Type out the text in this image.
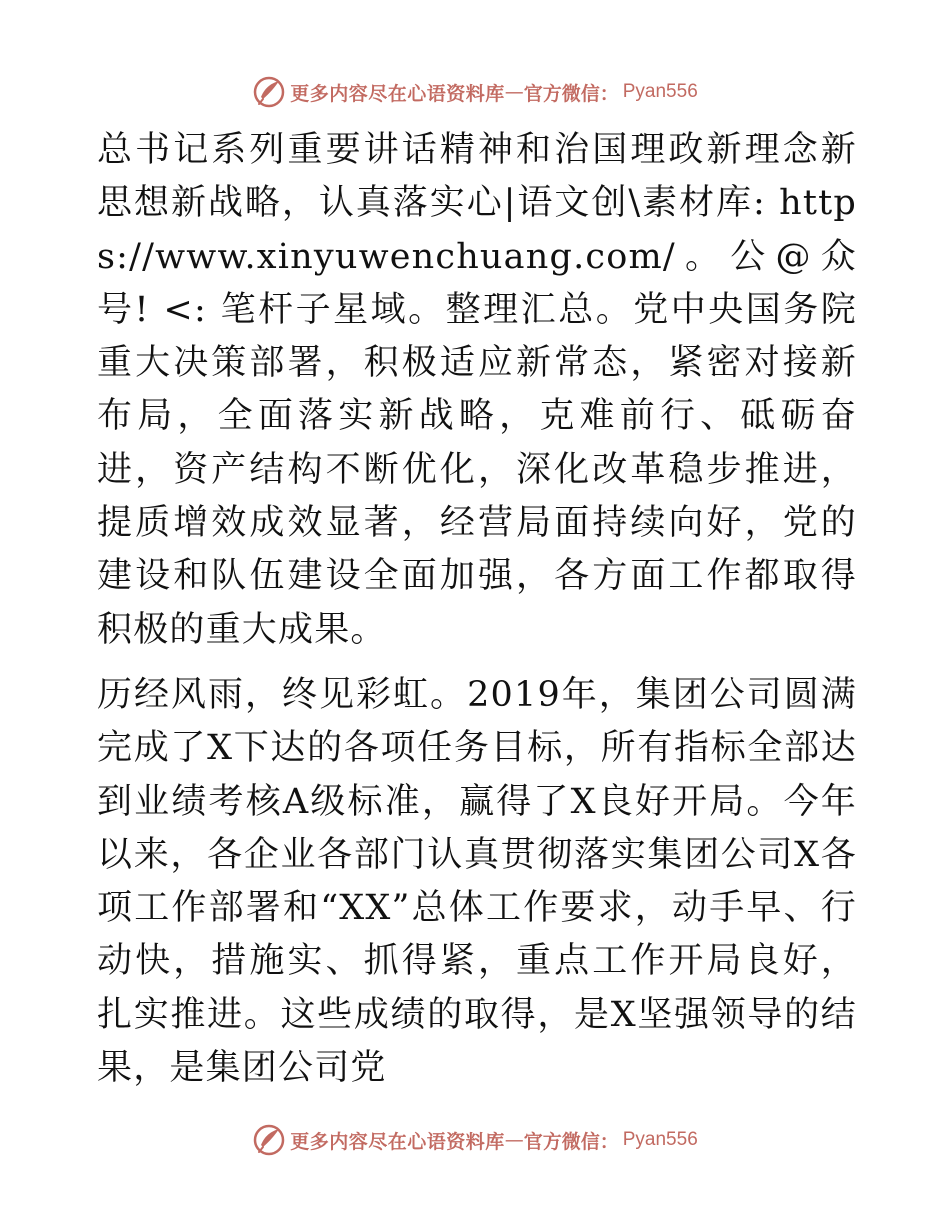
更多内容尽在心语资料库 — 官方微信： Pyan556

总书记系列重要讲话精神和治国理政新理念新思想新战略，认真落实心|语文创\素材库: https://www.xinyuwenchuang.com/。公@众号! <: 笔杆子星域。整理汇总。党中央国务院重大决策部署，积极适应新常态，紧密对接新布局，全面落实新战略，克难前行、砥砺奋进，资产结构不断优化，深化改革稳步推进，提质增效成效显著，经营局面持续向好，党的建设和队伍建设全面加强，各方面工作都取得积极的重大成果。

历经风雨，终见彩虹。2019年，集团公司圆满完成了X下达的各项任务目标，所有指标全部达到业绩考核A级标准，赢得了X良好开局。今年以来，各企业各部门认真贯彻落实集团公司X各项工作部署和“XX”总体工作要求，动手早、行动快，措施实、抓得紧，重点工作开局良好，扎实推进。这些成绩的取得，是X坚强领导的结果，是集团公司党

更多内容尽在心语资料库 — 官方微信： Pyan556
